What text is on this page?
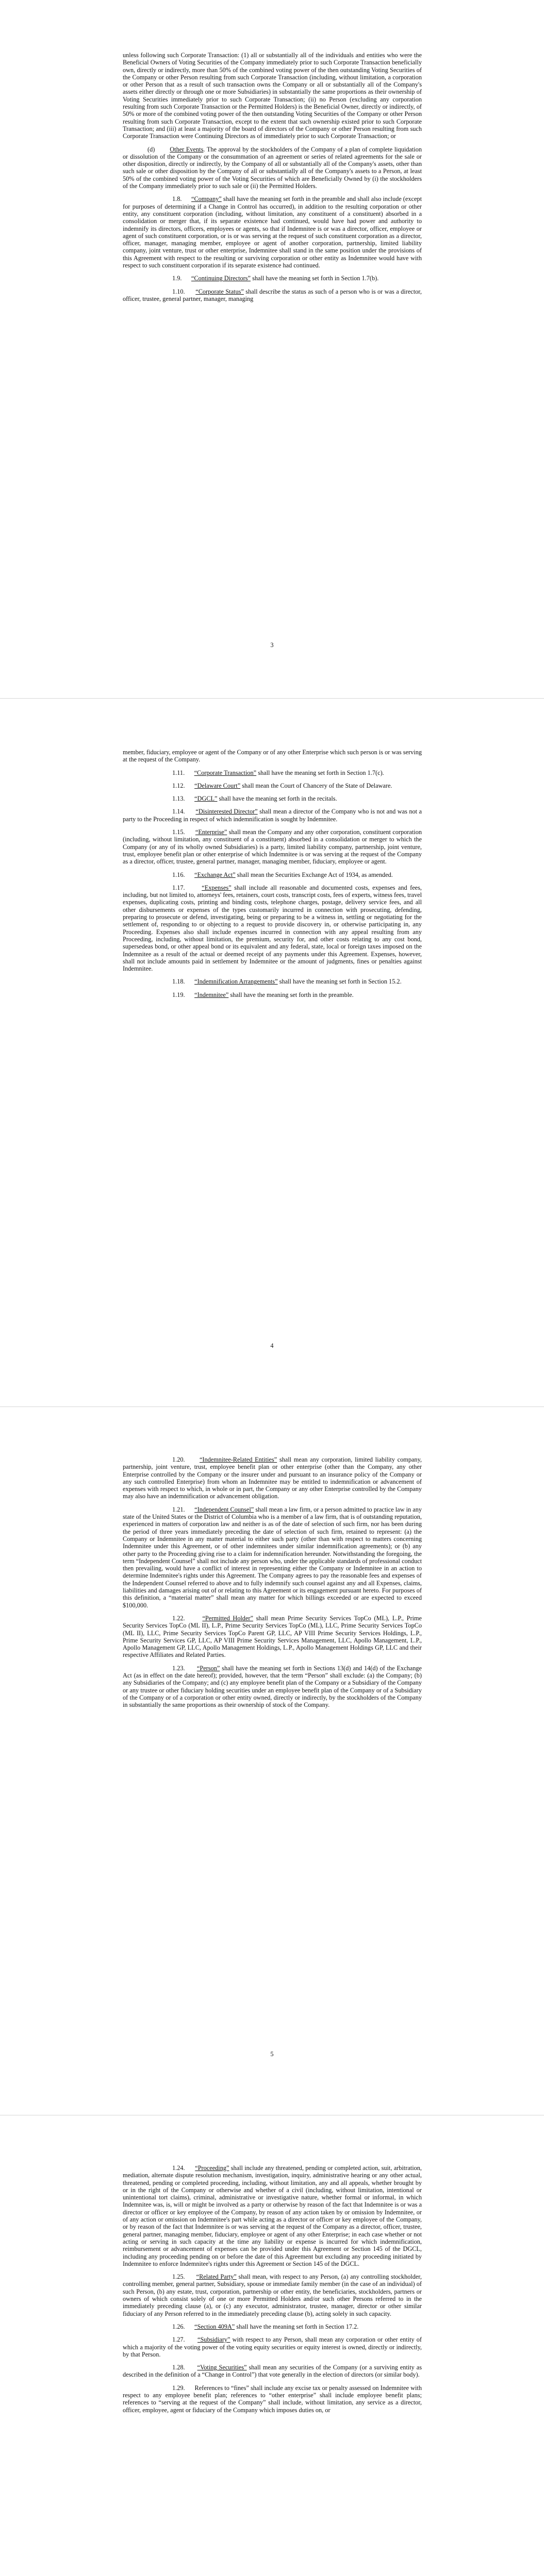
unless following such Corporate Transaction: (1) all or substantially all of the individuals and entities who were the Beneficial Owners of Voting Securities of the Company immediately prior to such Corporate Transaction beneficially own, directly or indirectly, more than 50% of the combined voting power of the then outstanding Voting Securities of the Company or other Person resulting from such Corporate Transaction (including, without limitation, a corporation or other Person that as a result of such transaction owns the Company or all or substantially all of the Company's assets either directly or through one or more Subsidiaries) in substantially the same proportions as their ownership of Voting Securities immediately prior to such Corporate Transaction; (ii) no Person (excluding any corporation resulting from such Corporate Transaction or the Permitted Holders) is the Beneficial Owner, directly or indirectly, of 50% or more of the combined voting power of the then outstanding Voting Securities of the Company or other Person resulting from such Corporate Transaction, except to the extent that such ownership existed prior to such Corporate Transaction; and (iii) at least a majority of the board of directors of the Company or other Person resulting from such Corporate Transaction were Continuing Directors as of immediately prior to such Corporate Transaction; or

(d) Other Events. The approval by the stockholders of the Company of a plan of complete liquidation or dissolution of the Company or the consummation of an agreement or series of related agreements for the sale or other disposition, directly or indirectly, by the Company of all or substantially all of the Company's assets, other than such sale or other disposition by the Company of all or substantially all of the Company's assets to a Person, at least 50% of the combined voting power of the Voting Securities of which are Beneficially Owned by (i) the stockholders of the Company immediately prior to such sale or (ii) the Permitted Holders.

1.8. “Company” shall have the meaning set forth in the preamble and shall also include (except for purposes of determining if a Change in Control has occurred), in addition to the resulting corporation or other entity, any constituent corporation (including, without limitation, any constituent of a constituent) absorbed in a consolidation or merger that, if its separate existence had continued, would have had power and authority to indemnify its directors, officers, employees or agents, so that if Indemnitee is or was a director, officer, employee or agent of such constituent corporation, or is or was serving at the request of such constituent corporation as a director, officer, manager, managing member, employee or agent of another corporation, partnership, limited liability company, joint venture, trust or other enterprise, Indemnitee shall stand in the same position under the provisions of this Agreement with respect to the resulting or surviving corporation or other entity as Indemnitee would have with respect to such constituent corporation if its separate existence had continued.

1.9. “Continuing Directors” shall have the meaning set forth in Section 1.7(b).

1.10. “Corporate Status” shall describe the status as such of a person who is or was a director, officer, trustee, general partner, manager, managing

3

member, fiduciary, employee or agent of the Company or of any other Enterprise which such person is or was serving at the request of the Company.

1.11. “Corporate Transaction” shall have the meaning set forth in Section 1.7(c).

1.12. “Delaware Court” shall mean the Court of Chancery of the State of Delaware.

1.13. “DGCL” shall have the meaning set forth in the recitals.

1.14. “Disinterested Director” shall mean a director of the Company who is not and was not a party to the Proceeding in respect of which indemnification is sought by Indemnitee.

1.15. “Enterprise” shall mean the Company and any other corporation, constituent corporation (including, without limitation, any constituent of a constituent) absorbed in a consolidation or merger to which the Company (or any of its wholly owned Subsidiaries) is a party, limited liability company, partnership, joint venture, trust, employee benefit plan or other enterprise of which Indemnitee is or was serving at the request of the Company as a director, officer, trustee, general partner, manager, managing member, fiduciary, employee or agent.

1.16. “Exchange Act” shall mean the Securities Exchange Act of 1934, as amended.

1.17.	“Expenses” shall include all reasonable and documented costs, expenses and fees, including, but not limited to, attorneys' fees, retainers, court costs, transcript costs, fees of experts, witness fees, travel expenses, duplicating costs, printing and binding costs, telephone charges, postage, delivery service fees, and all other disbursements or expenses of the types customarily incurred in connection with prosecuting, defending, preparing to prosecute or defend, investigating, being or preparing to be a witness in, settling or negotiating for the settlement of, responding to or objecting to a request to provide discovery in, or otherwise participating in, any Proceeding. Expenses also shall include expenses incurred in connection with any appeal resulting from any Proceeding, including, without limitation, the premium, security for, and other costs relating to any cost bond, supersedeas bond, or other appeal bond or its equivalent and any federal, state, local or foreign taxes imposed on the Indemnitee as a result of the actual or deemed receipt of any payments under this Agreement. Expenses, however, shall not include amounts paid in settlement by Indemnitee or the amount of judgments, fines or penalties against Indemnitee.

1.18. “Indemnification Arrangements” shall have the meaning set forth in Section 15.2.

1.19. “Indemnitee” shall have the meaning set forth in the preamble.

4

1.20. “Indemnitee-Related Entities” shall mean any corporation, limited liability company, partnership, joint venture, trust, employee benefit plan or other enterprise (other than the Company, any other Enterprise controlled by the Company or the insurer under and pursuant to an insurance policy of the Company or any such controlled Enterprise) from whom an Indemnitee may be entitled to indemnification or advancement of expenses with respect to which, in whole or in part, the Company or any other Enterprise controlled by the Company may also have an indemnification or advancement obligation.

1.21. “Independent Counsel” shall mean a law firm, or a person admitted to practice law in any state of the United States or the District of Columbia who is a member of a law firm, that is of outstanding reputation, experienced in matters of corporation law and neither is as of the date of selection of such firm, nor has been during the period of three years immediately preceding the date of selection of such firm, retained to represent: (a) the Company or Indemnitee in any matter material to either such party (other than with respect to matters concerning Indemnitee under this Agreement, or of other indemnitees under similar indemnification agreements); or (b) any other party to the Proceeding giving rise to a claim for indemnification hereunder. Notwithstanding the foregoing, the term “Independent Counsel” shall not include any person who, under the applicable standards of professional conduct then prevailing, would have a conflict of interest in representing either the Company or Indemnitee in an action to determine Indemnitee's rights under this Agreement. The Company agrees to pay the reasonable fees and expenses of the Independent Counsel referred to above and to fully indemnify such counsel against any and all Expenses, claims, liabilities and damages arising out of or relating to this Agreement or its engagement pursuant hereto. For purposes of this definition, a “material matter” shall mean any matter for which billings exceeded or are expected to exceed $100,000.

1.22.	“Permitted Holder” shall mean Prime Security Services TopCo (ML), L.P., Prime Security Services TopCo (ML II), L.P., Prime Security Services TopCo (ML), LLC, Prime Security Services TopCo (ML II), LLC, Prime Security Services TopCo Parent GP, LLC, AP VIII Prime Security Services Holdings, L.P., Prime Security Services GP, LLC, AP VIII Prime Security Services Management, LLC, Apollo Management, L.P., Apollo Management GP, LLC, Apollo Management Holdings, L.P., Apollo Management Holdings GP, LLC and their respective Affiliates and Related Parties.

1.23. “Person” shall have the meaning set forth in Sections 13(d) and 14(d) of the Exchange Act (as in effect on the date hereof); provided, however, that the term “Person” shall exclude: (a) the Company; (b) any Subsidiaries of the Company; and (c) any employee benefit plan of the Company or a Subsidiary of the Company or any trustee or other fiduciary holding securities under an employee benefit plan of the Company or of a Subsidiary of the Company or of a corporation or other entity owned, directly or indirectly, by the stockholders of the Company in substantially the same proportions as their ownership of stock of the Company.

5

1.24. “Proceeding” shall include any threatened, pending or completed action, suit, arbitration, mediation, alternate dispute resolution mechanism, investigation, inquiry, administrative hearing or any other actual, threatened, pending or completed proceeding, including, without limitation, any and all appeals, whether brought by or in the right of the Company or otherwise and whether of a civil (including, without limitation, intentional or unintentional tort claims), criminal, administrative or investigative nature, whether formal or informal, in which Indemnitee was, is, will or might be involved as a party or otherwise by reason of the fact that Indemnitee is or was a director or officer or key employee of the Company, by reason of any action taken by or omission by Indemnitee, or of any action or omission on Indemnitee's part while acting as a director or officer or key employee of the Company, or by reason of the fact that Indemnitee is or was serving at the request of the Company as a director, officer, trustee, general partner, managing member, fiduciary, employee or agent of any other Enterprise; in each case whether or not acting or serving in such capacity at the time any liability or expense is incurred for which indemnification, reimbursement or advancement of expenses can be provided under this Agreement or Section 145 of the DGCL, including any proceeding pending on or before the date of this Agreement but excluding any proceeding initiated by Indemnitee to enforce Indemnitee's rights under this Agreement or Section 145 of the DGCL.

1.25. “Related Party” shall mean, with respect to any Person, (a) any controlling stockholder, controlling member, general partner, Subsidiary, spouse or immediate family member (in the case of an individual) of such Person, (b) any estate, trust, corporation, partnership or other entity, the beneficiaries, stockholders, partners or owners of which consist solely of one or more Permitted Holders and/or such other Persons referred to in the immediately preceding clause (a), or (c) any executor, administrator, trustee, manager, director or other similar fiduciary of any Person referred to in the immediately preceding clause (b), acting solely in such capacity.

1.26. “Section 409A” shall have the meaning set forth in Section 17.2.

1.27. “Subsidiary” with respect to any Person, shall mean any corporation or other entity of which a majority of the voting power of the voting equity securities or equity interest is owned, directly or indirectly, by that Person.

1.28. “Voting Securities” shall mean any securities of the Company (or a surviving entity as described in the definition of a “Change in Control”) that vote generally in the election of directors (or similar body).

1.29. References to “fines” shall include any excise tax or penalty assessed on Indemnitee with respect to any employee benefit plan; references to “other enterprise” shall include employee benefit plans; references to “serving at the request of the Company” shall include, without limitation, any service as a director, officer, employee, agent or fiduciary of the Company which imposes duties on, or
